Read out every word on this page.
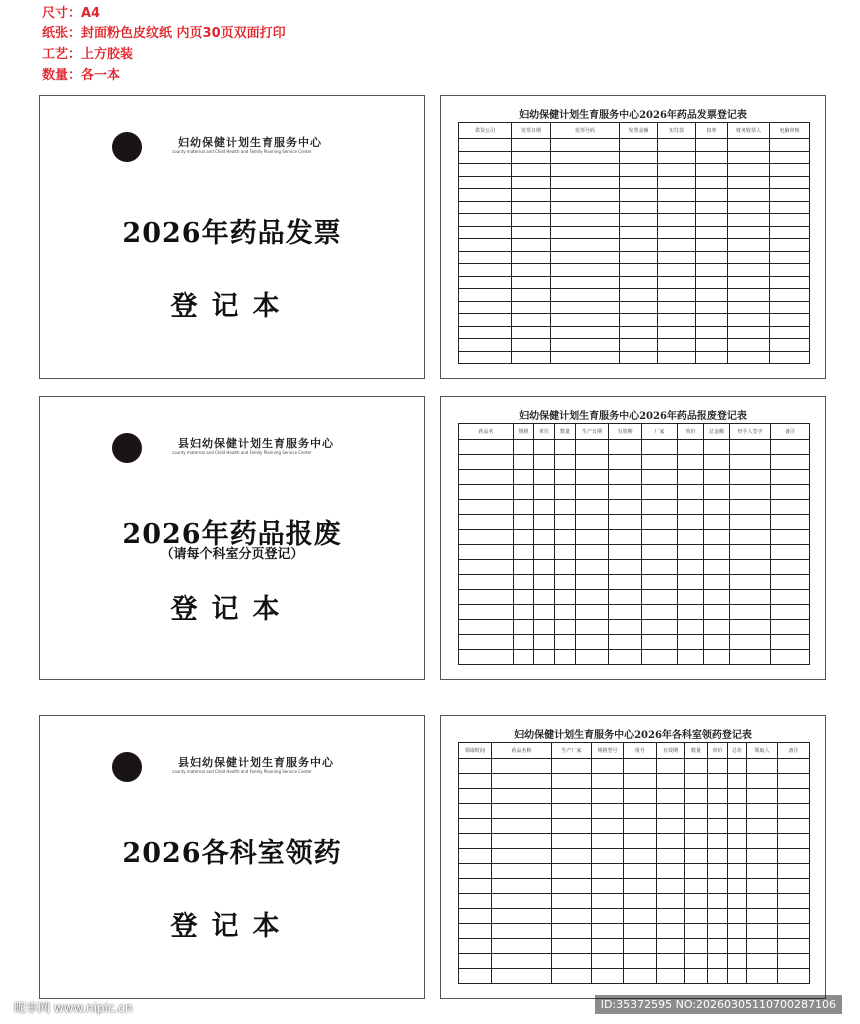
尺寸：A4
纸张：封面粉色皮纹纸 内页30页双面打印
工艺：上方胶装
数量：各一本
妇幼保健计划生育服务中心
county maternal and Child Health and Family Planning Service Center
2026年药品发票
登记本
县妇幼保健计划生育服务中心
county maternal and Child Health and Family Planning Service Center
2026年药品报废
（请每个科室分页登记）
登记本
县妇幼保健计划生育服务中心
county maternal and Child Health and Family Planning Service Center
2026各科室领药
登记本
妇幼保健计划生育服务中心2026年药品发票登记表
供货公司	发票日期	发票号码	发票金额	实付款	扣率	财务收票人	电脑审核

妇幼保健计划生育服务中心2026年药品报废登记表
药品名	规格	单位	数量	生产日期	有效期	厂家	单价	总金额	经手人签字	备注

妇幼保健计划生育服务中心2026年各科室领药登记表
领取时间	药品名称	生产厂家	规格型号	批号	有效期	数量	单价	总价	领取人	备注

昵享网 www.nipic.cn	ID:35372595 NO:20260305110700287106
